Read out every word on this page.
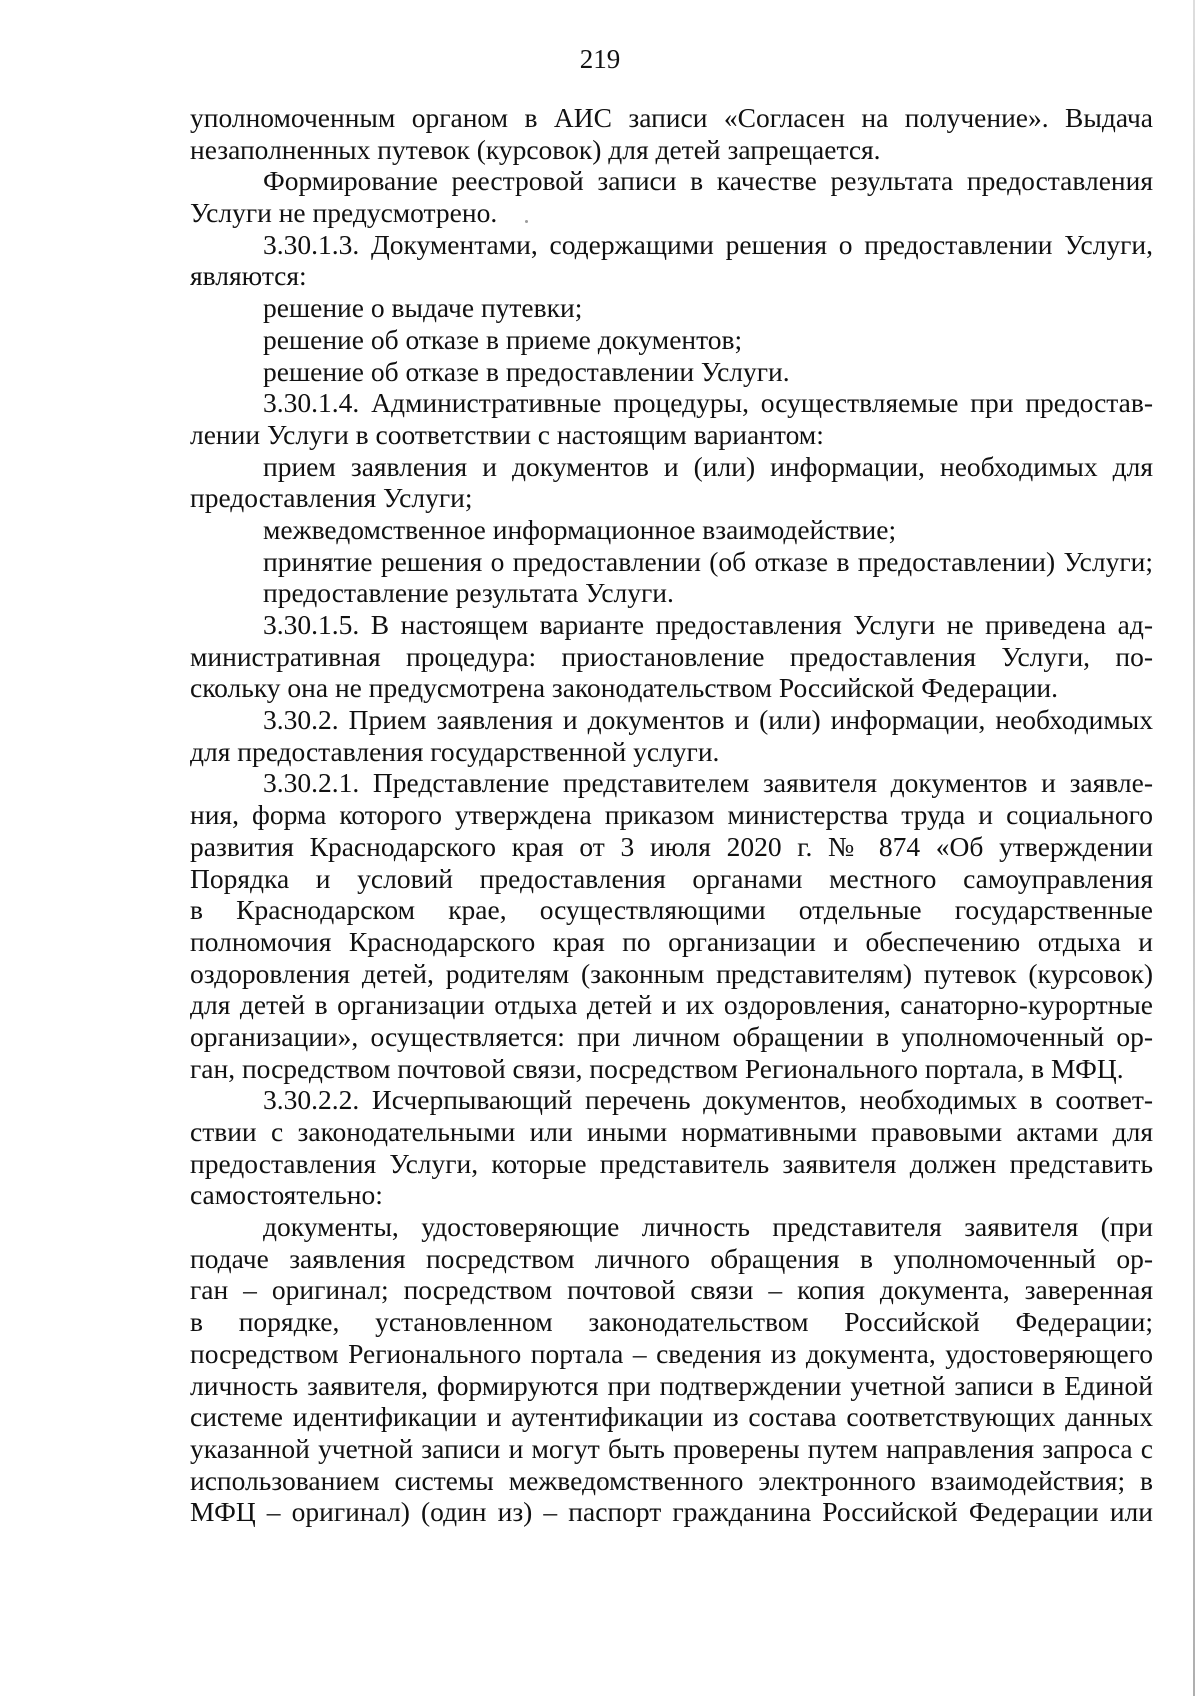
219
уполномоченным органом в АИС записи «Согласен на получение». Выдача
незаполненных путевок (курсовок) для детей запрещается.
Формирование реестровой записи в качестве результата предоставления
Услуги не предусмотрено.
3.30.1.3. Документами, содержащими решения о предоставлении Услуги,
являются:
решение о выдаче путевки;
решение об отказе в приеме документов;
решение об отказе в предоставлении Услуги.
3.30.1.4. Административные процедуры, осуществляемые при предостав-
лении Услуги в соответствии с настоящим вариантом:
прием заявления и документов и (или) информации, необходимых для
предоставления Услуги;
межведомственное информационное взаимодействие;
принятие решения о предоставлении (об отказе в предоставлении) Услуги;
предоставление результата Услуги.
3.30.1.5. В настоящем варианте предоставления Услуги не приведена ад-
министративная процедура: приостановление предоставления Услуги, по-
скольку она не предусмотрена законодательством Российской Федерации.
3.30.2. Прием заявления и документов и (или) информации, необходимых
для предоставления государственной услуги.
3.30.2.1. Представление представителем заявителя документов и заявле-
ния, форма которого утверждена приказом министерства труда и социального
развития Краснодарского края от 3 июля 2020 г. № 874 «Об утверждении
Порядка и условий предоставления органами местного самоуправления
в Краснодарском крае, осуществляющими отдельные государственные
полномочия Краснодарского края по организации и обеспечению отдыха и
оздоровления детей, родителям (законным представителям) путевок (курсовок)
для детей в организации отдыха детей и их оздоровления, санаторно-курортные
организации», осуществляется: при личном обращении в уполномоченный ор-
ган, посредством почтовой связи, посредством Регионального портала, в МФЦ.
3.30.2.2. Исчерпывающий перечень документов, необходимых в соответ-
ствии с законодательными или иными нормативными правовыми актами для
предоставления Услуги, которые представитель заявителя должен представить
самостоятельно:
документы, удостоверяющие личность представителя заявителя (при
подаче заявления посредством личного обращения в уполномоченный ор-
ган – оригинал; посредством почтовой связи – копия документа, заверенная
в порядке, установленном законодательством Российской Федерации;
посредством Регионального портала – сведения из документа, удостоверяющего
личность заявителя, формируются при подтверждении учетной записи в Единой
системе идентификации и аутентификации из состава соответствующих данных
указанной учетной записи и могут быть проверены путем направления запроса с
использованием системы межведомственного электронного взаимодействия; в
МФЦ – оригинал) (один из) – паспорт гражданина Российской Федерации или
